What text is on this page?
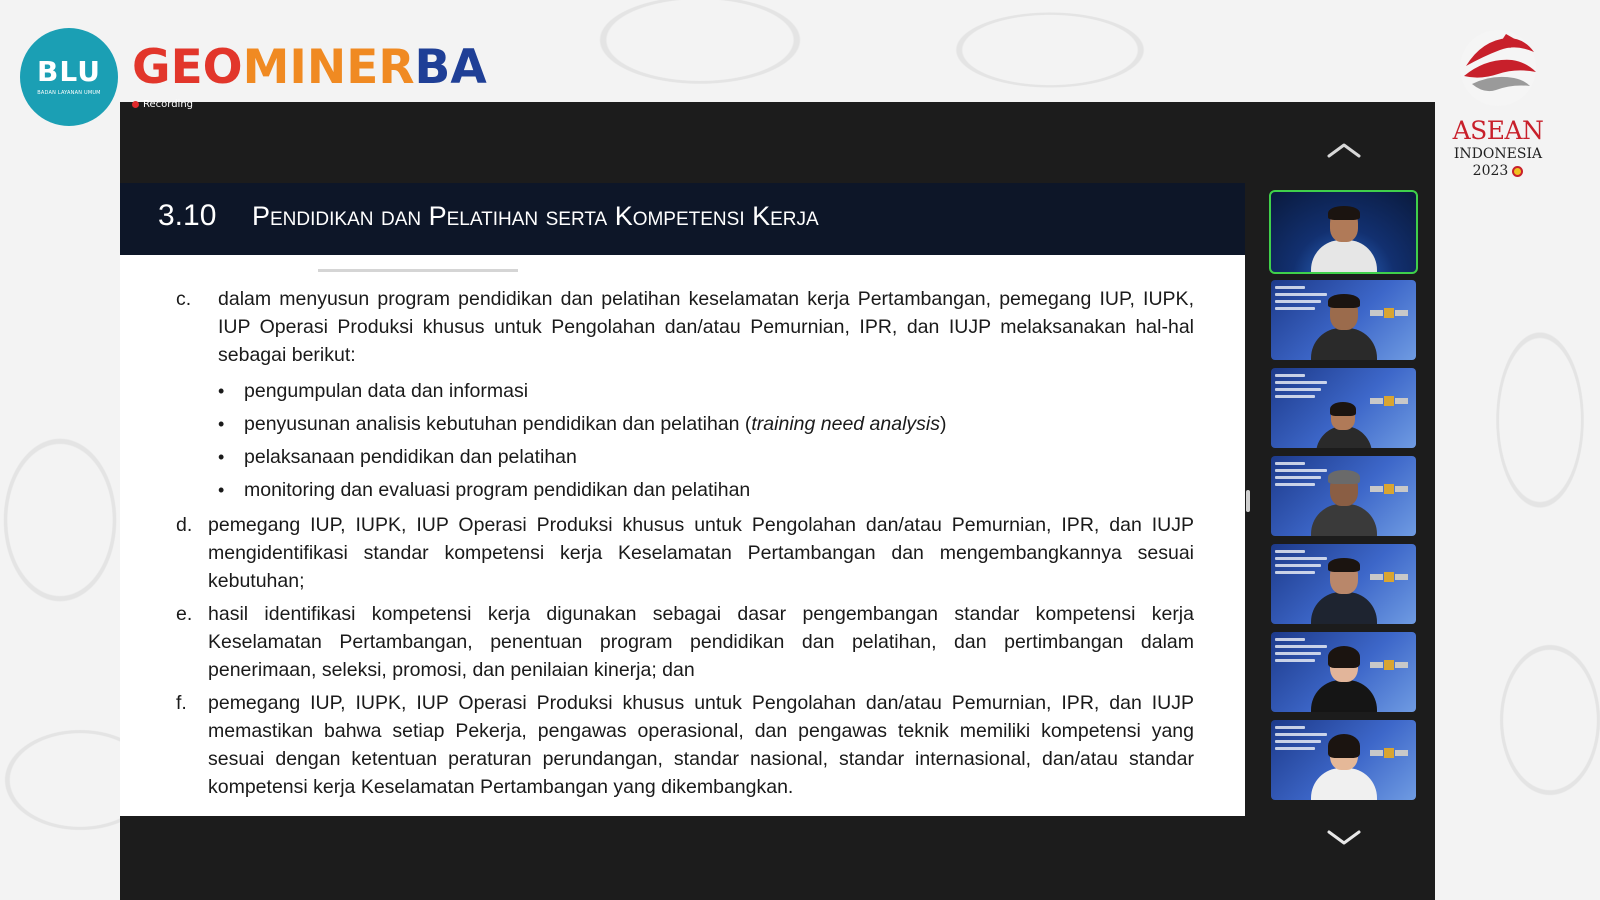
BLU
BADAN LAYANAN UMUM GEOMINERBA
ASEAN
INDONESIA
2023
Recording
3.10 Pendidikan dan Pelatihan serta Kompetensi Kerja
c.	dalam menyusun program pendidikan dan pelatihan keselamatan kerja Pertambangan, pemegang IUP, IUPK, IUP Operasi Produksi khusus untuk Pengolahan dan/atau Pemurnian, IPR, dan IUJP melaksanakan hal-hal sebagai berikut:
•	pengumpulan data dan informasi
•	penyusunan analisis kebutuhan pendidikan dan pelatihan (training need analysis)
•	pelaksanaan pendidikan dan pelatihan
•	monitoring dan evaluasi program pendidikan dan pelatihan
d. pemegang IUP, IUPK, IUP Operasi Produksi khusus untuk Pengolahan dan/atau Pemurnian, IPR, dan IUJP mengidentifikasi standar kompetensi kerja Keselamatan Pertambangan dan mengembangkannya sesuai kebutuhan;
e. hasil identifikasi kompetensi kerja digunakan sebagai dasar pengembangan standar kompetensi kerja Keselamatan Pertambangan, penentuan program pendidikan dan pelatihan, dan pertimbangan dalam penerimaan, seleksi, promosi, dan penilaian kinerja; dan
f.	pemegang IUP, IUPK, IUP Operasi Produksi khusus untuk Pengolahan dan/atau Pemurnian, IPR, dan IUJP memastikan bahwa setiap Pekerja, pengawas operasional, dan pengawas teknik memiliki kompetensi yang sesuai dengan ketentuan peraturan perundangan, standar nasional, standar internasional, dan/atau standar kompetensi kerja Keselamatan Pertambangan yang dikembangkan.
